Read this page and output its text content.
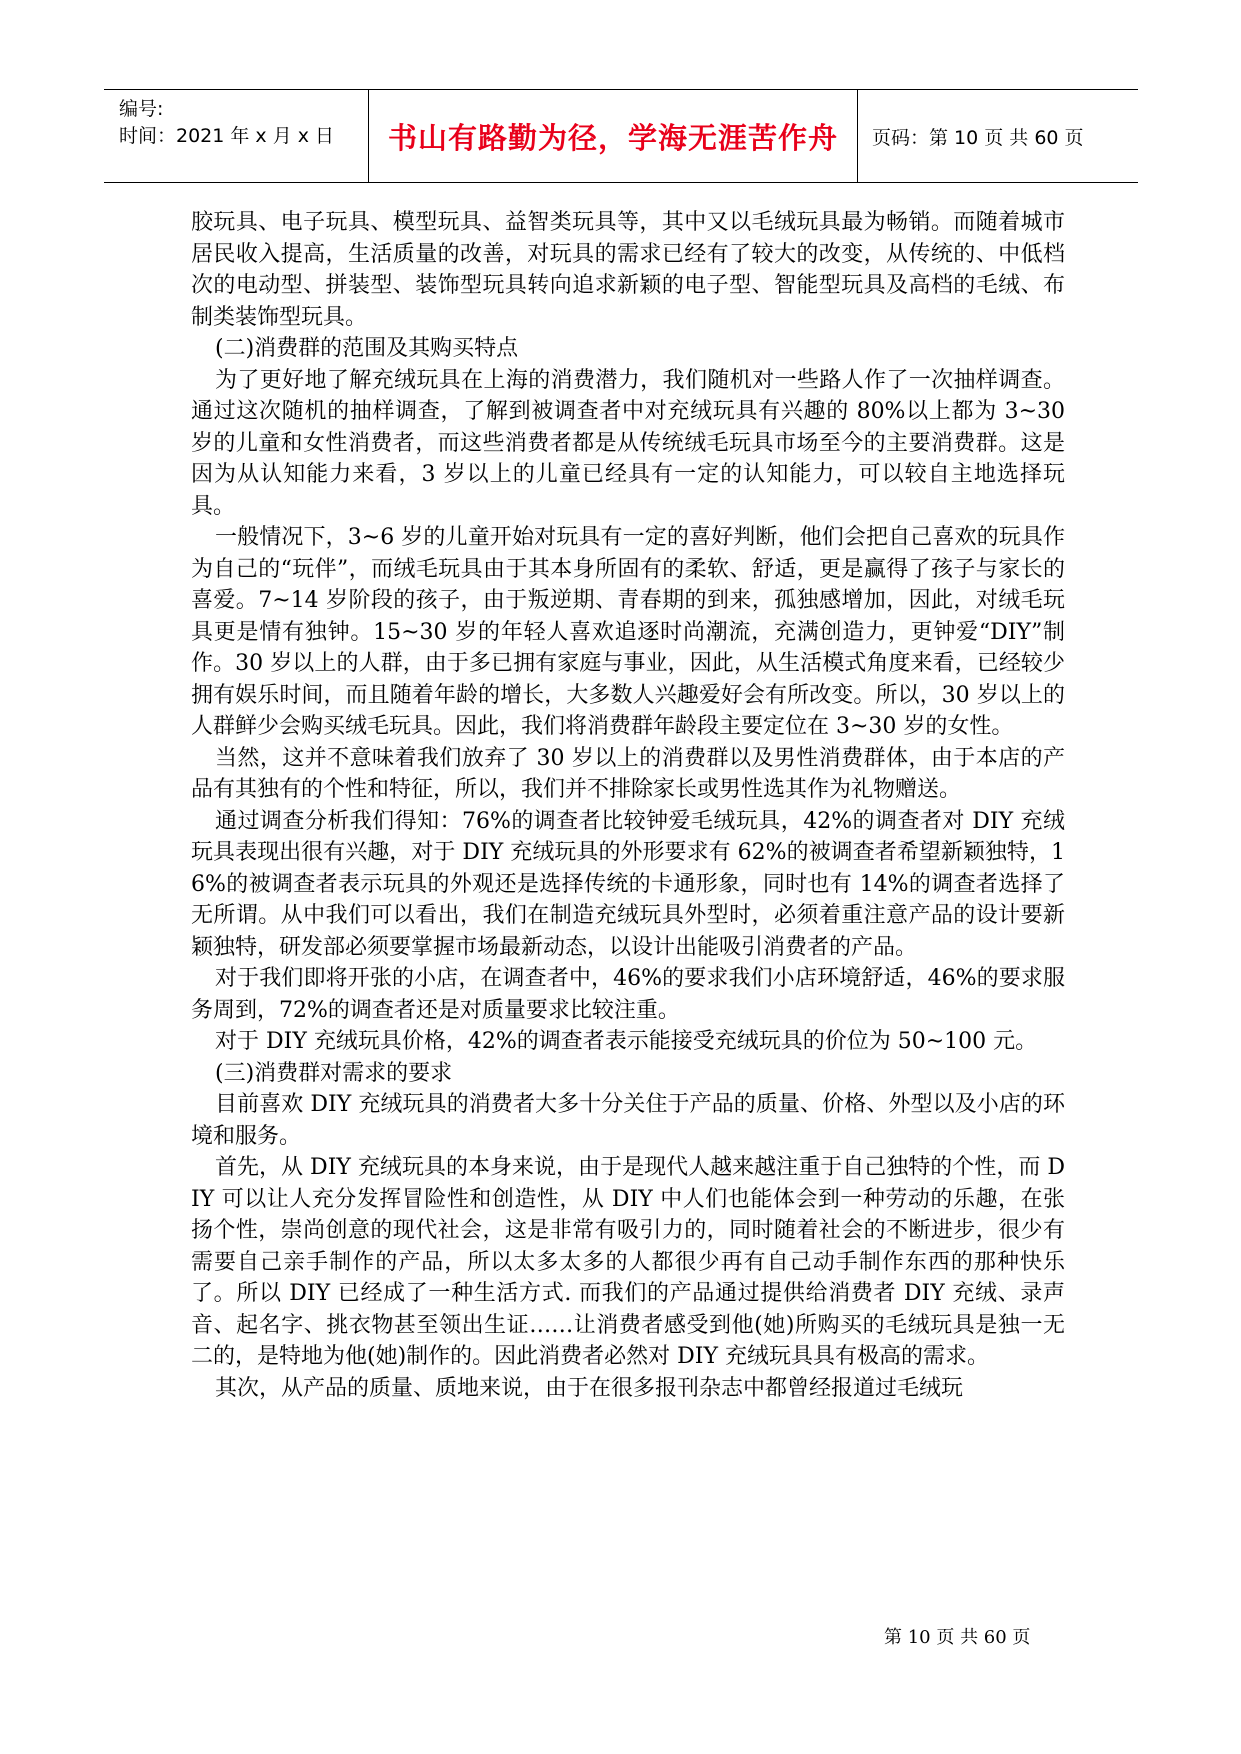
编号:
时间：2021 年 x 月 x 日	书山有路勤为径，学海无涯苦作舟	页码：第 10 页 共 60 页

胶玩具、电子玩具、模型玩具、益智类玩具等，其中又以毛绒玩具最为畅销。而随着城市居民收入提高，生活质量的改善，对玩具的需求已经有了较大的改变，从传统的、中低档次的电动型、拼装型、装饰型玩具转向追求新颖的电子型、智能型玩具及高档的毛绒、布制类装饰型玩具。

(二)消费群的范围及其购买特点

为了更好地了解充绒玩具在上海的消费潜力，我们随机对一些路人作了一次抽样调查。通过这次随机的抽样调查，了解到被调查者中对充绒玩具有兴趣的 80%以上都为 3~30 岁的儿童和女性消费者，而这些消费者都是从传统绒毛玩具市场至今的主要消费群。这是因为从认知能力来看，3 岁以上的儿童已经具有一定的认知能力，可以较自主地选择玩具。

一般情况下，3~6 岁的儿童开始对玩具有一定的喜好判断，他们会把自己喜欢的玩具作为自己的“玩伴”，而绒毛玩具由于其本身所固有的柔软、舒适，更是赢得了孩子与家长的喜爱。7~14 岁阶段的孩子，由于叛逆期、青春期的到来，孤独感增加，因此，对绒毛玩具更是情有独钟。15~30 岁的年轻人喜欢追逐时尚潮流，充满创造力，更钟爱“DIY”制作。30 岁以上的人群，由于多已拥有家庭与事业，因此，从生活模式角度来看，已经较少拥有娱乐时间，而且随着年龄的增长，大多数人兴趣爱好会有所改变。所以，30 岁以上的人群鲜少会购买绒毛玩具。因此，我们将消费群年龄段主要定位在 3~30 岁的女性。

当然，这并不意味着我们放弃了 30 岁以上的消费群以及男性消费群体，由于本店的产品有其独有的个性和特征，所以，我们并不排除家长或男性选其作为礼物赠送。

通过调查分析我们得知：76%的调查者比较钟爱毛绒玩具，42%的调查者对 DIY 充绒玩具表现出很有兴趣，对于 DIY 充绒玩具的外形要求有 62%的被调查者希望新颖独特，16%的被调查者表示玩具的外观还是选择传统的卡通形象，同时也有 14%的调查者选择了无所谓。从中我们可以看出，我们在制造充绒玩具外型时，必须着重注意产品的设计要新颖独特，研发部必须要掌握市场最新动态，以设计出能吸引消费者的产品。

对于我们即将开张的小店，在调查者中，46%的要求我们小店环境舒适，46%的要求服务周到，72%的调查者还是对质量要求比较注重。

对于 DIY 充绒玩具价格，42%的调查者表示能接受充绒玩具的价位为 50~100 元。

(三)消费群对需求的要求

目前喜欢 DIY 充绒玩具的消费者大多十分关住于产品的质量、价格、外型以及小店的环境和服务。

首先，从 DIY 充绒玩具的本身来说，由于是现代人越来越注重于自己独特的个性，而 DIY 可以让人充分发挥冒险性和创造性，从 DIY 中人们也能体会到一种劳动的乐趣，在张扬个性，崇尚创意的现代社会，这是非常有吸引力的，同时随着社会的不断进步，很少有需要自己亲手制作的产品，所以太多太多的人都很少再有自己动手制作东西的那种快乐了。所以 DIY 已经成了一种生活方式. 而我们的产品通过提供给消费者 DIY 充绒、录声音、起名字、挑衣物甚至领出生证……让消费者感受到他(她)所购买的毛绒玩具是独一无二的，是特地为他(她)制作的。因此消费者必然对 DIY 充绒玩具具有极高的需求。

其次，从产品的质量、质地来说，由于在很多报刊杂志中都曾经报道过毛绒玩

第 10 页 共 60 页
